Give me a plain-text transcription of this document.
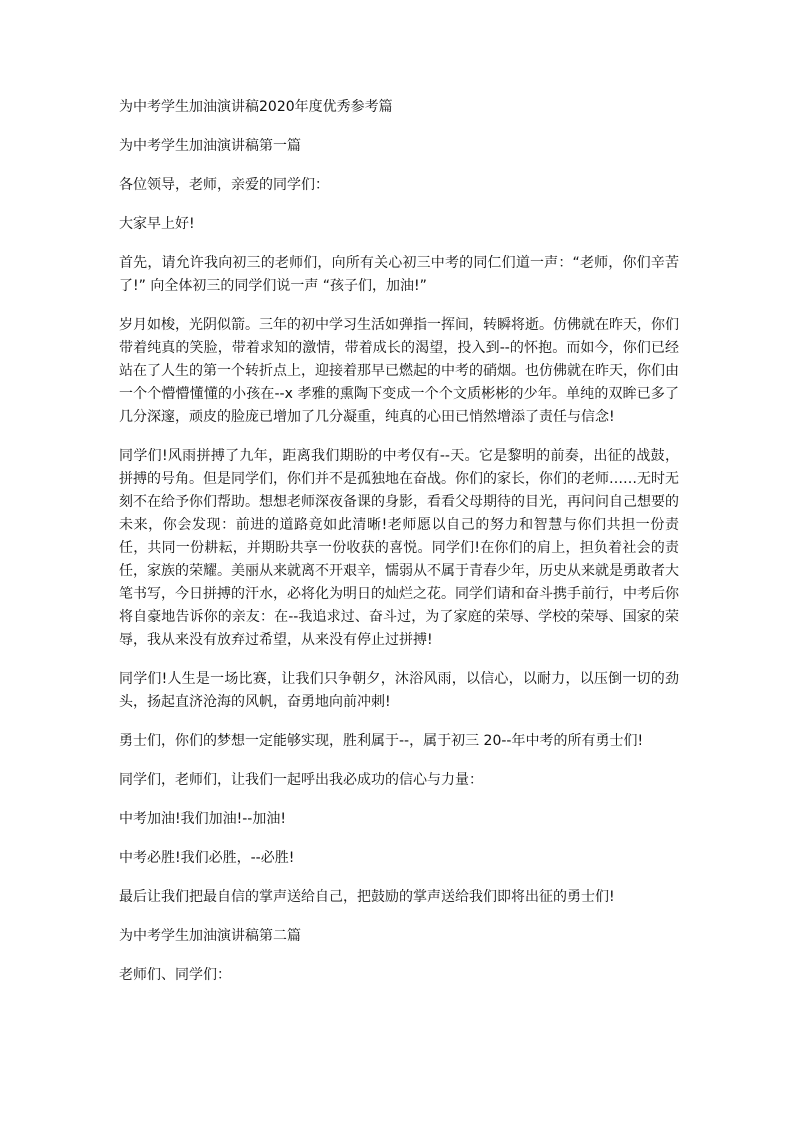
为中考学生加油演讲稿2020年度优秀参考篇

为中考学生加油演讲稿第一篇

各位领导，老师，亲爱的同学们：

大家早上好!

首先，请允许我向初三的老师们，向所有关心初三中考的同仁们道一声：“老师，你们辛苦了!” 向全体初三的同学们说一声 “孩子们，加油!”

岁月如梭，光阴似箭。三年的初中学习生活如弹指一挥间，转瞬将逝。仿佛就在昨天，你们带着纯真的笑脸，带着求知的激情，带着成长的渴望，投入到--的怀抱。而如今，你们已经站在了人生的第一个转折点上，迎接着那早已燃起的中考的硝烟。也仿佛就在昨天，你们由一个个懵懵懂懂的小孩在--x 孝雅的熏陶下变成一个个文质彬彬的少年。单纯的双眸已多了几分深邃，顽皮的脸庞已增加了几分凝重，纯真的心田已悄然增添了责任与信念!

同学们!风雨拼搏了九年，距离我们期盼的中考仅有--天。它是黎明的前奏，出征的战鼓，拼搏的号角。但是同学们，你们并不是孤独地在奋战。你们的家长，你们的老师……无时无刻不在给予你们帮助。想想老师深夜备课的身影，看看父母期待的目光，再问问自己想要的未来，你会发现：前进的道路竟如此清晰!老师愿以自己的努力和智慧与你们共担一份责任，共同一份耕耘，并期盼共享一份收获的喜悦。同学们!在你们的肩上，担负着社会的责任，家族的荣耀。美丽从来就离不开艰辛，懦弱从不属于青春少年，历史从来就是勇敢者大笔书写，今日拼搏的汗水，必将化为明日的灿烂之花。同学们请和奋斗携手前行，中考后你将自豪地告诉你的亲友：在--我追求过、奋斗过，为了家庭的荣辱、学校的荣辱、国家的荣辱，我从来没有放弃过希望，从来没有停止过拼搏!

同学们!人生是一场比赛，让我们只争朝夕，沐浴风雨，以信心，以耐力，以压倒一切的劲头，扬起直济沧海的风帆，奋勇地向前冲刺!

勇士们，你们的梦想一定能够实现，胜利属于--，属于初三 20--年中考的所有勇士们!

同学们，老师们，让我们一起呼出我必成功的信心与力量：

中考加油!我们加油!--加油!

中考必胜!我们必胜，--必胜!

最后让我们把最自信的掌声送给自己，把鼓励的掌声送给我们即将出征的勇士们!

为中考学生加油演讲稿第二篇

老师们、同学们：
